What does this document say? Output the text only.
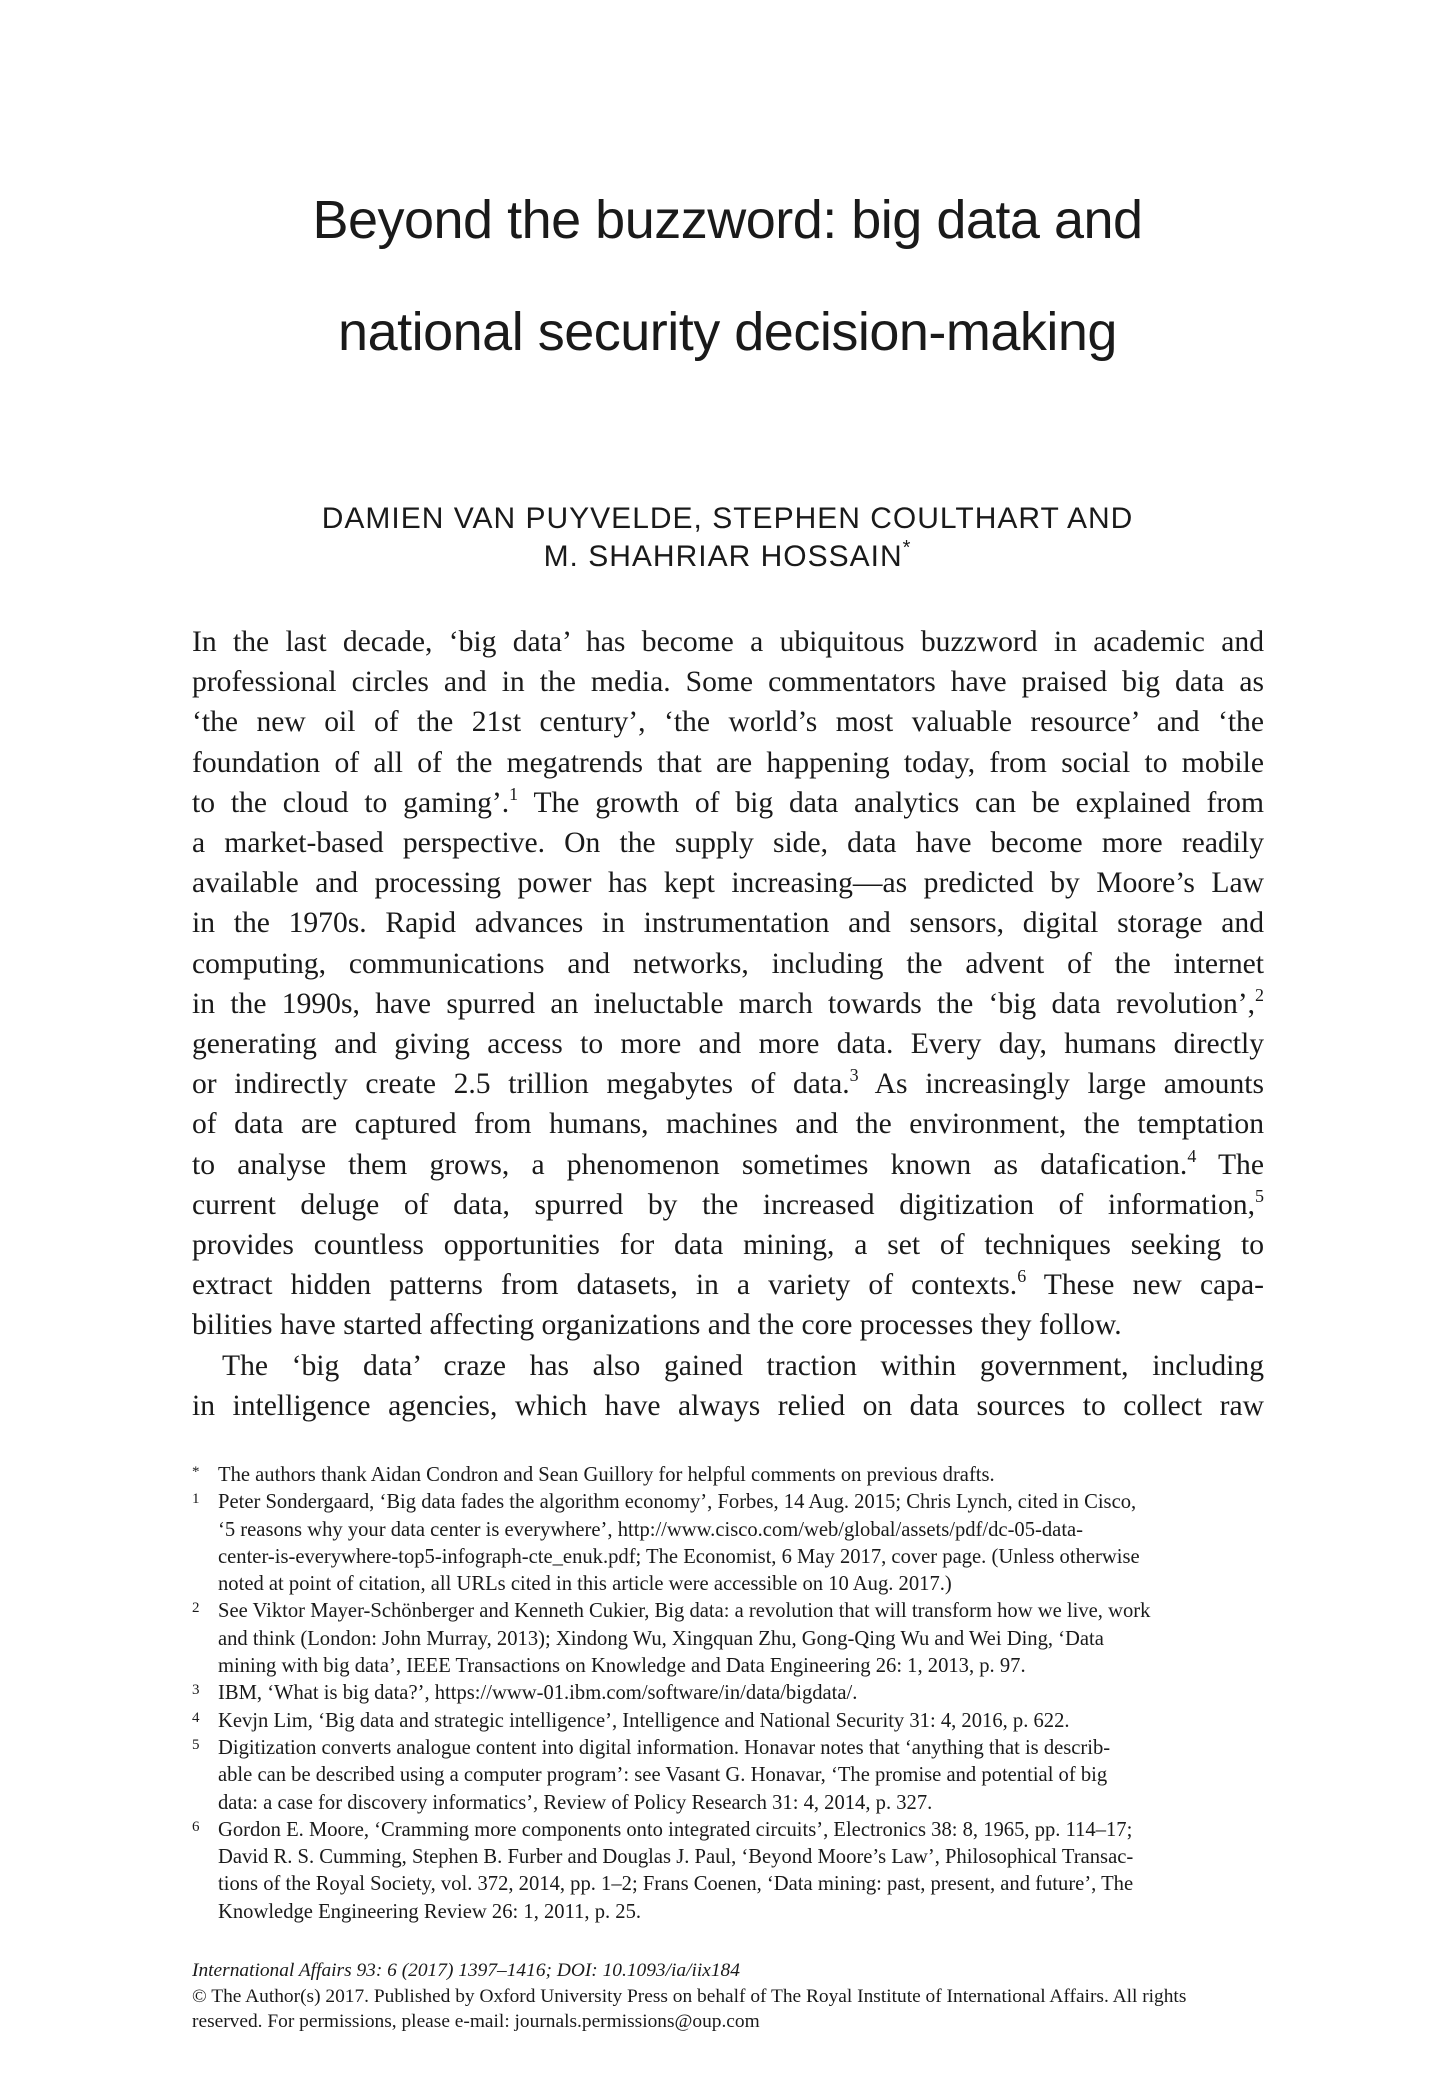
Beyond the buzzword: big data and
national security decision-making
DAMIEN VAN PUYVELDE, STEPHEN COULTHART AND
M. SHAHRIAR HOSSAIN*
In the last decade, ‘big data’ has become a ubiquitous buzzword in academic and
professional circles and in the media. Some commentators have praised big data as
‘the new oil of the 21st century’, ‘the world’s most valuable resource’ and ‘the
foundation of all of the megatrends that are happening today, from social to mobile
to the cloud to gaming’.$^1$ The growth of big data analytics can be explained from
a market-based perspective. On the supply side, data have become more readily
available and processing power has kept increasing—as predicted by Moore’s Law
in the 1970s. Rapid advances in instrumentation and sensors, digital storage and
computing, communications and networks, including the advent of the internet
in the 1990s, have spurred an ineluctable march towards the ‘big data revolution’,$^2$
generating and giving access to more and more data. Every day, humans directly
or indirectly create 2.5 trillion megabytes of data.$^3$ As increasingly large amounts
of data are captured from humans, machines and the environment, the temptation
to analyse them grows, a phenomenon sometimes known as datafication.$^4$ The
current deluge of data, spurred by the increased digitization of information,$^5$
provides countless opportunities for data mining, a set of techniques seeking to
extract hidden patterns from datasets, in a variety of contexts.$^6$ These new capa-
bilities have started affecting organizations and the core processes they follow.
The ‘big data’ craze has also gained traction within government, including
in intelligence agencies, which have always relied on data sources to collect raw
* The authors thank Aidan Condron and Sean Guillory for helpful comments on previous drafts.
1 Peter Sondergaard, ‘Big data fades the algorithm economy’, Forbes, 14 Aug. 2015; Chris Lynch, cited in Cisco,
‘5 reasons why your data center is everywhere’, http://www.cisco.com/web/global/assets/pdf/dc-05-data-
center-is-everywhere-top5-infograph-cte_enuk.pdf; The Economist, 6 May 2017, cover page. (Unless otherwise
noted at point of citation, all URLs cited in this article were accessible on 10 Aug. 2017.)
2 See Viktor Mayer-Schönberger and Kenneth Cukier, Big data: a revolution that will transform how we live, work
and think (London: John Murray, 2013); Xindong Wu, Xingquan Zhu, Gong-Qing Wu and Wei Ding, ‘Data
mining with big data’, IEEE Transactions on Knowledge and Data Engineering 26: 1, 2013, p. 97.
3 IBM, ‘What is big data?’, https://www-01.ibm.com/software/in/data/bigdata/.
4 Kevjn Lim, ‘Big data and strategic intelligence’, Intelligence and National Security 31: 4, 2016, p. 622.
5 Digitization converts analogue content into digital information. Honavar notes that ‘anything that is describ-
able can be described using a computer program’: see Vasant G. Honavar, ‘The promise and potential of big
data: a case for discovery informatics’, Review of Policy Research 31: 4, 2014, p. 327.
6 Gordon E. Moore, ‘Cramming more components onto integrated circuits’, Electronics 38: 8, 1965, pp. 114–17;
David R. S. Cumming, Stephen B. Furber and Douglas J. Paul, ‘Beyond Moore’s Law’, Philosophical Transac-
tions of the Royal Society, vol. 372, 2014, pp. 1–2; Frans Coenen, ‘Data mining: past, present, and future’, The
Knowledge Engineering Review 26: 1, 2011, p. 25.
International Affairs 93: 6 (2017) 1397–1416; DOI: 10.1093/ia/iix184
© The Author(s) 2017. Published by Oxford University Press on behalf of The Royal Institute of International Affairs. All rights
reserved. For permissions, please e-mail: journals.permissions@oup.com
